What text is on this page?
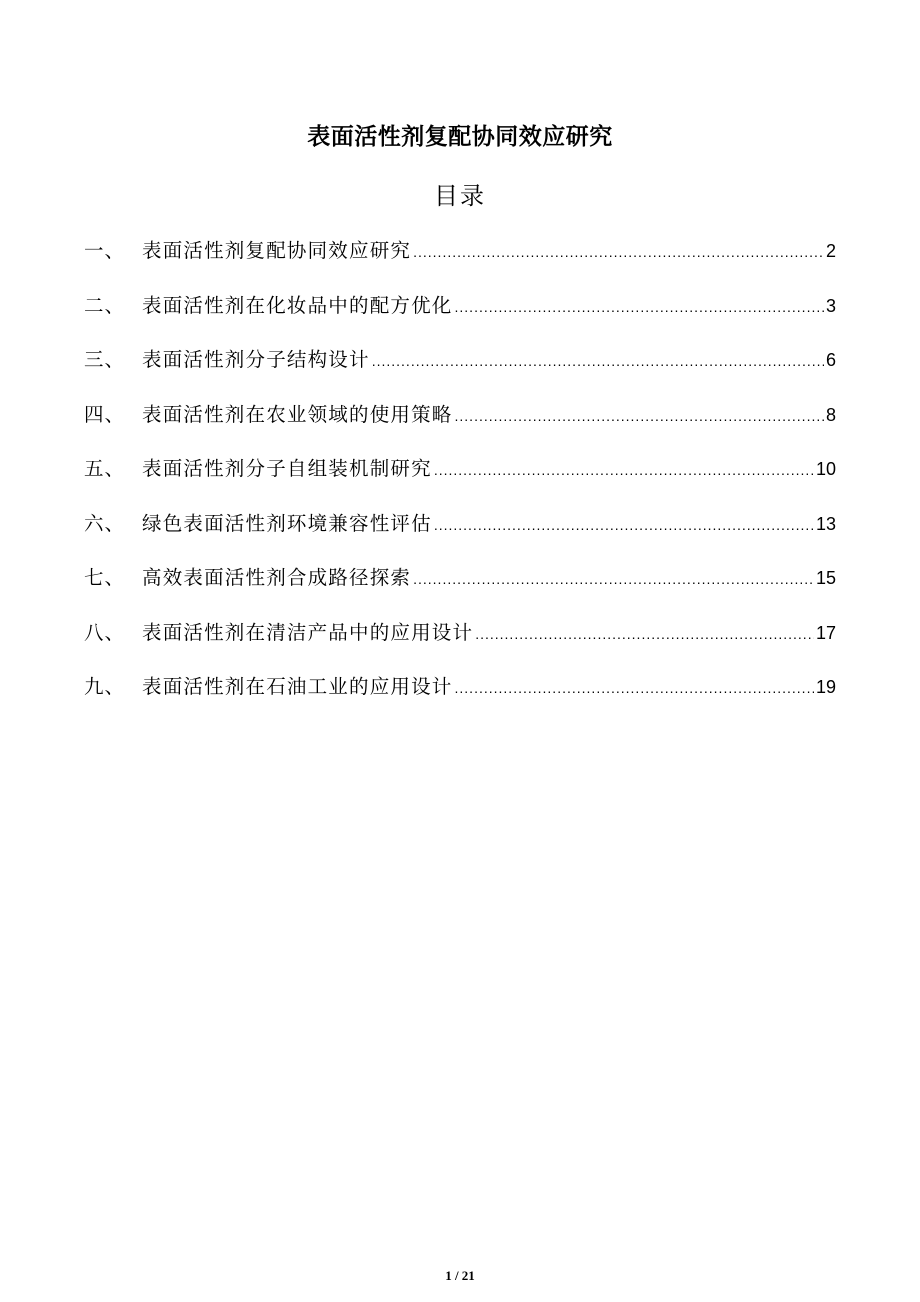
表面活性剂复配协同效应研究
目录
一、 表面活性剂复配协同效应研究 .....	2
二、 表面活性剂在化妆品中的配方优化 .....	3
三、 表面活性剂分子结构设计 .....	6
四、 表面活性剂在农业领域的使用策略 .....	8
五、 表面活性剂分子自组装机制研究 .....	10
六、 绿色表面活性剂环境兼容性评估 .....	13
七、 高效表面活性剂合成路径探索 .....	15
八、 表面活性剂在清洁产品中的应用设计 .....	17
九、 表面活性剂在石油工业的应用设计 .....	19
1 / 21
